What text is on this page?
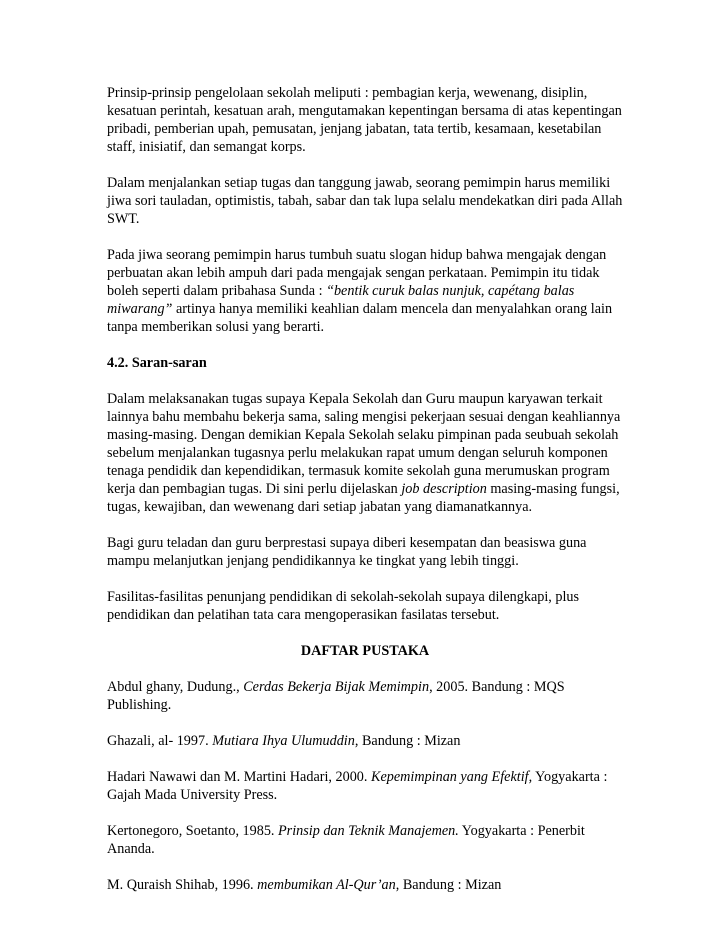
Prinsip-prinsip pengelolaan sekolah meliputi : pembagian kerja, wewenang, disiplin, kesatuan perintah, kesatuan arah, mengutamakan kepentingan bersama di atas kepentingan pribadi, pemberian upah, pemusatan, jenjang jabatan, tata tertib, kesamaan, kesetabilan staff, inisiatif, dan semangat korps.

Dalam menjalankan setiap tugas dan tanggung jawab, seorang pemimpin harus memiliki jiwa sori tauladan, optimistis, tabah, sabar dan tak lupa selalu mendekatkan diri pada Allah SWT.

Pada jiwa seorang pemimpin harus tumbuh suatu slogan hidup bahwa mengajak dengan perbuatan akan lebih ampuh dari pada mengajak sengan perkataan. Pemimpin itu tidak boleh seperti dalam pribahasa Sunda : “bentik curuk balas nunjuk, capétang balas miwarang” artinya hanya memiliki keahlian dalam mencela dan menyalahkan orang lain tanpa memberikan solusi yang berarti.

4.2. Saran-saran

Dalam melaksanakan tugas supaya Kepala Sekolah dan Guru maupun karyawan terkait lainnya bahu membahu bekerja sama, saling mengisi pekerjaan sesuai dengan keahliannya masing-masing. Dengan demikian Kepala Sekolah selaku pimpinan pada seubuah sekolah sebelum menjalankan tugasnya perlu melakukan rapat umum dengan seluruh komponen tenaga pendidik dan kependidikan, termasuk komite sekolah guna merumuskan program kerja dan pembagian tugas. Di sini perlu dijelaskan job description masing-masing fungsi, tugas, kewajiban, dan wewenang dari setiap jabatan yang diamanatkannya.

Bagi guru teladan dan guru berprestasi supaya diberi kesempatan dan beasiswa guna mampu melanjutkan jenjang pendidikannya ke tingkat yang lebih tinggi.

Fasilitas-fasilitas penunjang pendidikan di sekolah-sekolah supaya dilengkapi, plus pendidikan dan pelatihan tata cara mengoperasikan fasilatas tersebut.

DAFTAR PUSTAKA

Abdul ghany, Dudung., Cerdas Bekerja Bijak Memimpin, 2005. Bandung : MQS Publishing.

Ghazali, al- 1997. Mutiara Ihya Ulumuddin, Bandung : Mizan

Hadari Nawawi dan M. Martini Hadari, 2000. Kepemimpinan yang Efektif, Yogyakarta : Gajah Mada University Press.

Kertonegoro, Soetanto, 1985. Prinsip dan Teknik Manajemen. Yogyakarta : Penerbit Ananda.

M. Quraish Shihab, 1996. membumikan Al-Qur’an, Bandung : Mizan
